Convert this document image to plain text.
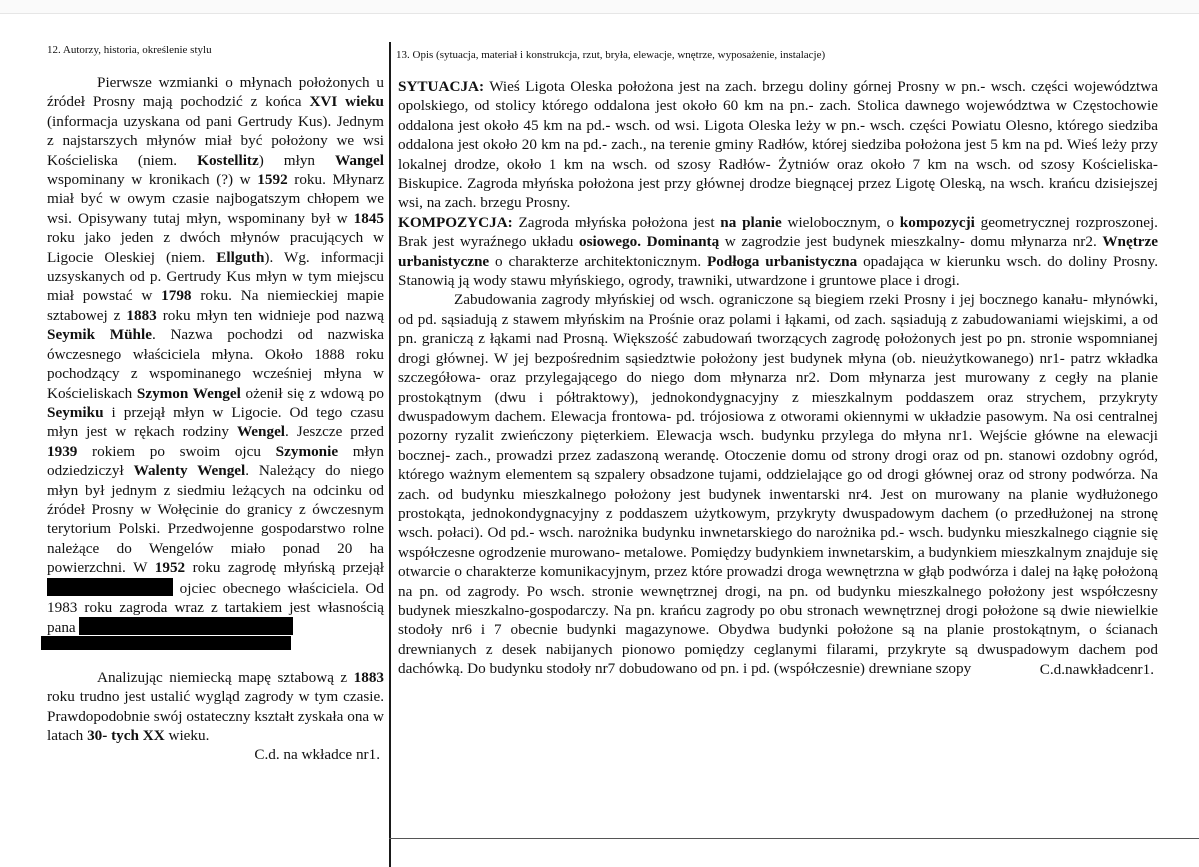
12. Autorzy, historia, określenie stylu	13. Opis (sytuacja, materiał i konstrukcja, rzut, bryła, elewacje, wnętrze, wyposażenie, instalacje)

Pierwsze wzmianki o młynach położonych u źródeł Prosny mają pochodzić z końca XVI wieku (informacja uzyskana od pani Gertrudy Kus). Jednym z najstarszych młynów miał być położony we wsi Kościeliska (niem. Kostellitz) młyn Wangel wspominany w kronikach (?) w 1592 roku. Młynarz miał być w owym czasie najbogatszym chłopem we wsi. Opisywany tutaj młyn, wspominany był w 1845 roku jako jeden z dwóch młynów pracujących w Ligocie Oleskiej (niem. Ellguth). Wg. informacji uzsyskanych od p. Gertrudy Kus młyn w tym miejscu miał powstać w 1798 roku. Na niemieckiej mapie sztabowej z 1883 roku młyn ten widnieje pod nazwą Seymik Mühle. Nazwa pochodzi od nazwiska ówczesnego właściciela młyna. Około 1888 roku pochodzący z wspominanego wcześniej młyna w Kościeliskach Szymon Wengel ożenił się z wdową po Seymiku i przejął młyn w Ligocie. Od tego czasu młyn jest w rękach rodziny Wengel. Jeszcze przed 1939 rokiem po swoim ojcu Szymonie młyn odziedziczył Walenty Wengel. Należący do niego młyn był jednym z siedmiu leżących na odcinku od źródeł Prosny w Wołęcinie do granicy z ówczesnym terytorium Polski. Przedwojenne gospodarstwo rolne należące do Wengelów miało ponad 20 ha powierzchni. W 1952 roku zagrodę młyńską przejął  ojciec obecnego właściciela. Od 1983 roku zagroda wraz z tartakiem jest własnością pana

Analizując niemiecką mapę sztabową z 1883 roku trudno jest ustalić wygląd zagrody w tym czasie. Prawdopodobnie swój ostateczny kształt zyskała ona w latach 30- tych XX wieku.

C.d. na wkładce nr1.

SYTUACJA: Wieś Ligota Oleska położona jest na zach. brzegu doliny górnej Prosny w pn.- wsch. części województwa opolskiego, od stolicy którego oddalona jest około 60 km na pn.- zach. Stolica dawnego województwa w Częstochowie oddalona jest około 45 km na pd.- wsch. od wsi. Ligota Oleska leży w pn.- wsch. części Powiatu Olesno, którego siedziba oddalona jest około 20 km na pd.- zach., na terenie gminy Radłów, której siedziba położona jest 5 km na pd. Wieś leży przy lokalnej drodze, około 1 km na wsch. od szosy Radłów- Żytniów oraz około 7 km na wsch. od szosy Kościeliska- Biskupice. Zagroda młyńska położona jest przy głównej drodze biegnącej przez Ligotę Oleską, na wsch. krańcu dzisiejszej wsi, na zach. brzegu Prosny.

KOMPOZYCJA: Zagroda młyńska położona jest na planie wielobocznym, o kompozycji geometrycznej rozproszonej. Brak jest wyraźnego układu osiowego. Dominantą w zagrodzie jest budynek mieszkalny- domu młynarza nr2. Wnętrze urbanistyczne o charakterze architektonicznym. Podłoga urbanistyczna opadająca w kierunku wsch. do doliny Prosny. Stanowią ją wody stawu młyńskiego, ogrody, trawniki, utwardzone i gruntowe place i drogi.

Zabudowania zagrody młyńskiej od wsch. ograniczone są biegiem rzeki Prosny i jej bocznego kanału- młynówki, od pd. sąsiadują z stawem młyńskim na Prośnie oraz polami i łąkami, od zach. sąsiadują z zabudowaniami wiejskimi, a od pn. graniczą z łąkami nad Prosną. Większość zabudowań tworzących zagrodę położonych jest po pn. stronie wspomnianej drogi głównej. W jej bezpośrednim sąsiedztwie położony jest budynek młyna (ob. nieużytkowanego) nr1- patrz wkładka szczegółowa- oraz przylegającego do niego dom młynarza nr2. Dom młynarza jest murowany z cegły na planie prostokątnym (dwu i półtraktowy), jednokondygnacyjny z mieszkalnym poddaszem oraz strychem, przykryty dwuspadowym dachem. Elewacja frontowa- pd. trójosiowa z otworami okiennymi w układzie pasowym. Na osi centralnej pozorny ryzalit zwieńczony pięterkiem. Elewacja wsch. budynku przylega do młyna nr1. Wejście główne na elewacji bocznej- zach., prowadzi przez zadaszoną werandę. Otoczenie domu od strony drogi oraz od pn. stanowi ozdobny ogród, którego ważnym elementem są szpalery obsadzone tujami, oddzielające go od drogi głównej oraz od strony podwórza. Na zach. od budynku mieszkalnego położony jest budynek inwentarski nr4. Jest on murowany na planie wydłużonego prostokąta, jednokondygnacyjny z poddaszem użytkowym, przykryty dwuspadowym dachem (o przedłużonej na stronę wsch. połaci). Od pd.- wsch. narożnika budynku inwnetarskiego do narożnika pd.- wsch. budynku mieszkalnego ciągnie się współczesne ogrodzenie murowano- metalowe. Pomiędzy budynkiem inwnetarskim, a budynkiem mieszkalnym znajduje się otwarcie o charakterze komunikacyjnym, przez które prowadzi droga wewnętrzna w głąb podwórza i dalej na łąkę położoną na pn. od zagrody. Po wsch. stronie wewnętrznej drogi, na pn. od budynku mieszkalnego położony jest współczesny budynek mieszkalno-gospodarczy. Na pn. krańcu zagrody po obu stronach wewnętrznej drogi położone są dwie niewielkie stodoły nr6 i 7 obecnie budynki magazynowe. Obydwa budynki położone są na planie prostokątnym, o ścianach drewnianych z desek nabijanych pionowo pomiędzy ceglanymi filarami, przykryte są dwuspadowym dachem pod dachówką. Do budynku stodoły nr7 dobudowano od pn. i pd. (współczesnie) drewniane szopy	C.d.nawkładcenr1.
